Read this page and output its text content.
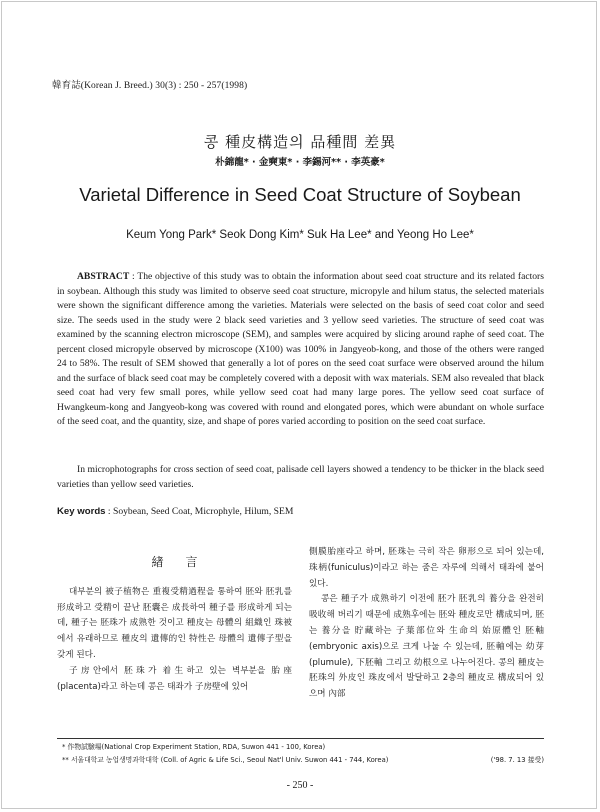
韓育誌(Korean J. Breed.) 30(3) : 250 - 257(1998)
콩 種皮構造의 品種間 差異
朴錦龍* · 金奭東* · 李錫河** · 李英豪*
Varietal Difference in Seed Coat Structure of Soybean
Keum Yong Park* Seok Dong Kim* Suk Ha Lee* and Yeong Ho Lee*

ABSTRACT : The objective of this study was to obtain the information about seed coat structure and its related factors in soybean. Although this study was limited to observe seed coat structure, micropyle and hilum status, the selected materials were shown the significant difference among the varieties. Materials were selected on the basis of seed coat color and seed size. The seeds used in the study were 2 black seed varieties and 3 yellow seed varieties. The structure of seed coat was examined by the scanning electron microscope (SEM), and samples were acquired by slicing around raphe of seed coat. The percent closed micropyle observed by microscope (X100) was 100% in Jangyeob-kong, and those of the others were ranged 24 to 58%. The result of SEM showed that generally a lot of pores on the seed coat surface were observed around the hilum and the surface of black seed coat may be completely covered with a deposit with wax materials. SEM also revealed that black seed coat had very few small pores, while yellow seed coat had many large pores. The yellow seed coat surface of Hwangkeum-kong and Jangyeob-kong was covered with round and elongated pores, which were abundant on whole surface of the seed coat, and the quantity, size, and shape of pores varied according to position on the seed coat surface.

In microphotographs for cross section of seed coat, palisade cell layers showed a tendency to be thicker in the black seed varieties than yellow seed varieties.

Key words : Soybean, Seed Coat, Microphyle, Hilum, SEM
緖言

대부분의 被子植物은 重複受精過程을 통하여 胚와 胚乳를 形成하고 受精이 끝난 胚囊은 成長하여 種子를 形成하게 되는데, 種子는 胚珠가 成熟한 것이고 種皮는 母體의 組織인 珠被에서 유래하므로 種皮의 遺傳的인 特性은 母體의 遺傳子型을 갖게 된다.

子房안에서 胚珠가 着生하고 있는 벽부분을 胎座(placenta)라고 하는데 콩은 태좌가 子房壁에 있어

側膜胎座라고 하며, 胚珠는 극히 작은 卵形으로 되어 있는데, 珠柄(funiculus)이라고 하는 줌은 자루에 의해서 태좌에 붙어있다.

콩은 種子가 成熟하기 이전에 胚가 胚乳의 養分을 완전히 吸收해 버리기 때문에 成熟후에는 胚와 種皮로만 構成되며, 胚는 養分을 貯藏하는 子葉部位와 生命의 始原體인 胚軸(embryonic axis)으로 크게 나눌 수 있는데, 胚軸에는 幼芽(plumule), 下胚軸 그리고 幼根으로 나누어진다. 콩의 種皮는 胚珠의 外皮인 珠皮에서 발달하고 2층의 種皮로 構成되어 있으며 內部

* 作物試驗場(National Crop Experiment Station, RDA, Suwon 441 - 100, Korea)
** 서울대학교 농업생명과학대학 (Coll. of Agric & Life Sci., Seoul Nat'l Univ. Suwon 441 - 744, Korea)	('98. 7. 13 接受)
- 250 -
